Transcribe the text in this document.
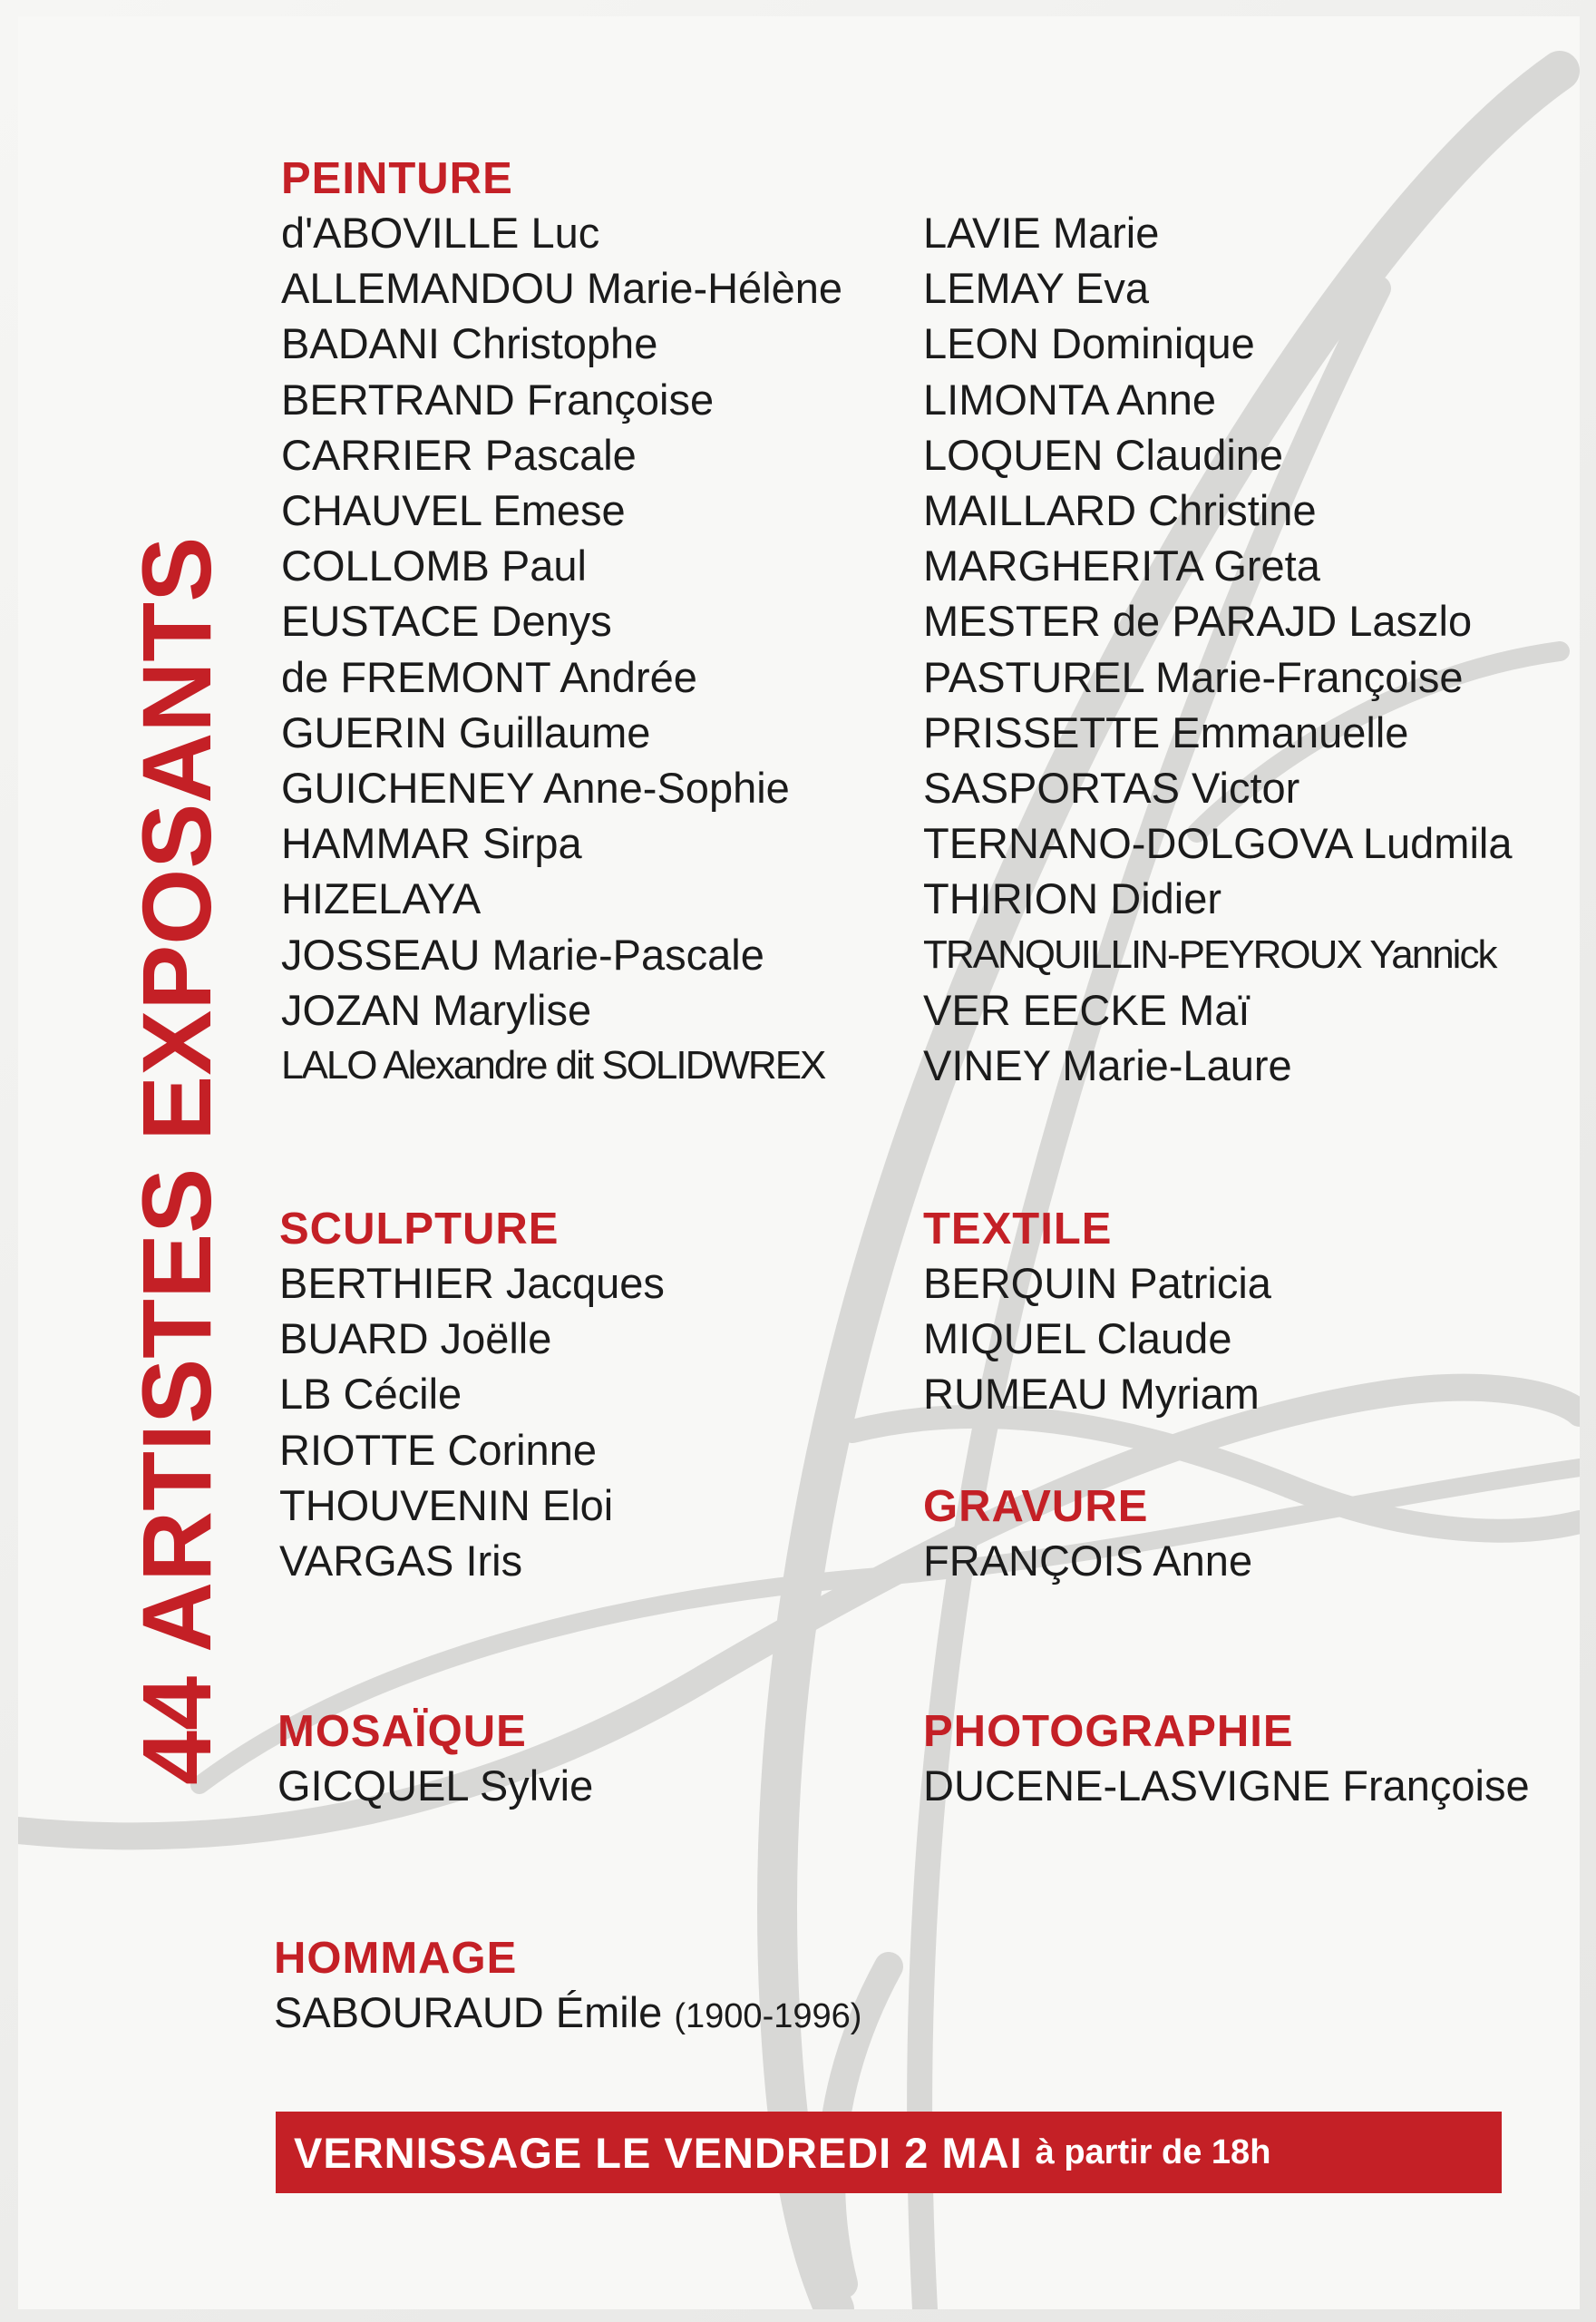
44 ARTISTES EXPOSANTS
PEINTURE
d'ABOVILLE Luc
ALLEMANDOU Marie-Hélène
BADANI Christophe
BERTRAND Françoise
CARRIER Pascale
CHAUVEL Emese
COLLOMB Paul
EUSTACE Denys
de FREMONT Andrée
GUERIN Guillaume
GUICHENEY Anne-Sophie
HAMMAR Sirpa
HIZELAYA
JOSSEAU Marie-Pascale
JOZAN Marylise
LALO Alexandre dit SOLIDWREX
LAVIE Marie
LEMAY Eva
LEON Dominique
LIMONTA Anne
LOQUEN Claudine
MAILLARD Christine
MARGHERITA Greta
MESTER de PARAJD Laszlo
PASTUREL Marie-Françoise
PRISSETTE Emmanuelle
SASPORTAS Victor
TERNANO-DOLGOVA Ludmila
THIRION Didier
TRANQUILLIN-PEYROUX Yannick
VER EECKE Maï
VINEY Marie-Laure
SCULPTURE
BERTHIER Jacques
BUARD Joëlle
LB Cécile
RIOTTE Corinne
THOUVENIN Eloi
VARGAS Iris
TEXTILE
BERQUIN Patricia
MIQUEL Claude
RUMEAU Myriam
GRAVURE
FRANÇOIS Anne
MOSAÏQUE
GICQUEL Sylvie
PHOTOGRAPHIE
DUCENE-LASVIGNE Françoise
HOMMAGE
SABOURAUD Émile (1900-1996)
VERNISSAGE LE VENDREDI 2 MAI à partir de 18h
